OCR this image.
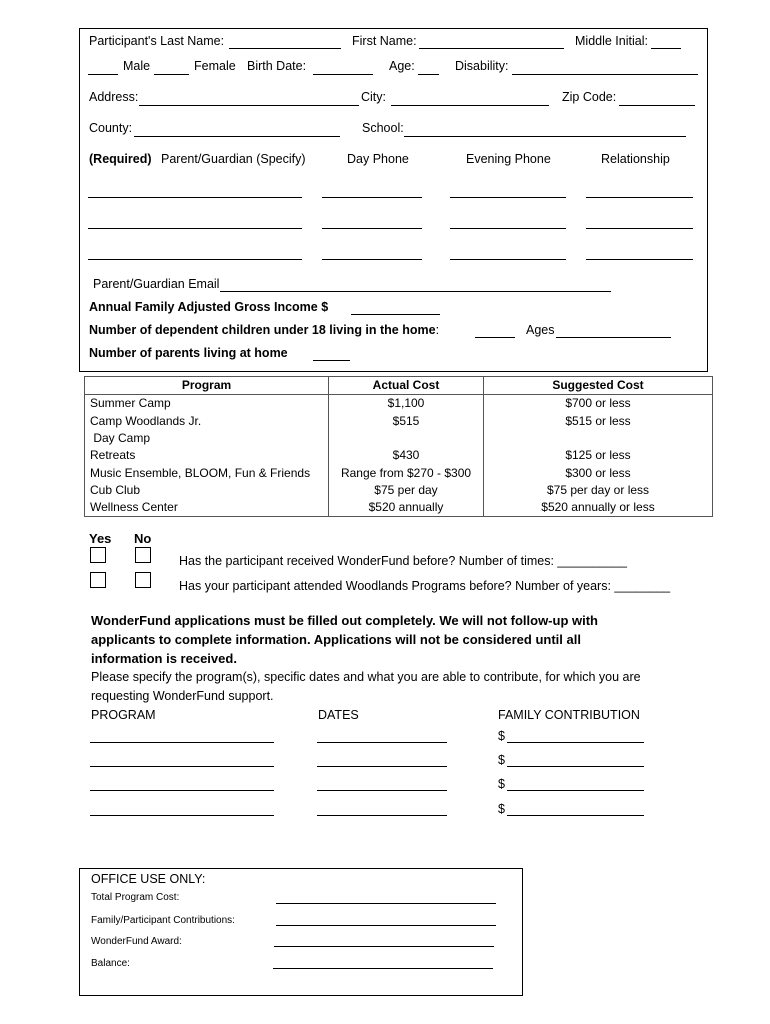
Participant's Last Name:	First Name:	Middle Initial:
Male	Female Birth Date:	Age:	Disability:
Address:	City:	Zip Code:
County:	School:
(Required) Parent/Guardian (Specify)	Day Phone	Evening Phone	Relationship
Parent/Guardian Email
Annual Family Adjusted Gross Income $
Number of dependent children under 18 living in the home:	Ages
Number of parents living at home
Program	Actual Cost	Suggested Cost
Summer Camp	$1,100	$700 or less
Camp Woodlands Jr.	$515	$515 or less
Day Camp		
Retreats	$430	$125 or less
Music Ensemble, BLOOM, Fun & Friends	Range from $270 - $300	$300 or less
Cub Club	$75 per day	$75 per day or less
Wellness Center	$520 annually	$520 annually or less
Yes No
Has the participant received WonderFund before? Number of times: __________
Has your participant attended Woodlands Programs before? Number of years: ________
WonderFund applications must be filled out completely. We will not follow-up with
applicants to complete information. Applications will not be considered until all
information is received.
Please specify the program(s), specific dates and what you are able to contribute, for which you are
requesting WonderFund support.
PROGRAM	DATES	FAMILY CONTRIBUTION
$
$
$
$
OFFICE USE ONLY:
Total Program Cost:
Family/Participant Contributions:
WonderFund Award:
Balance:
